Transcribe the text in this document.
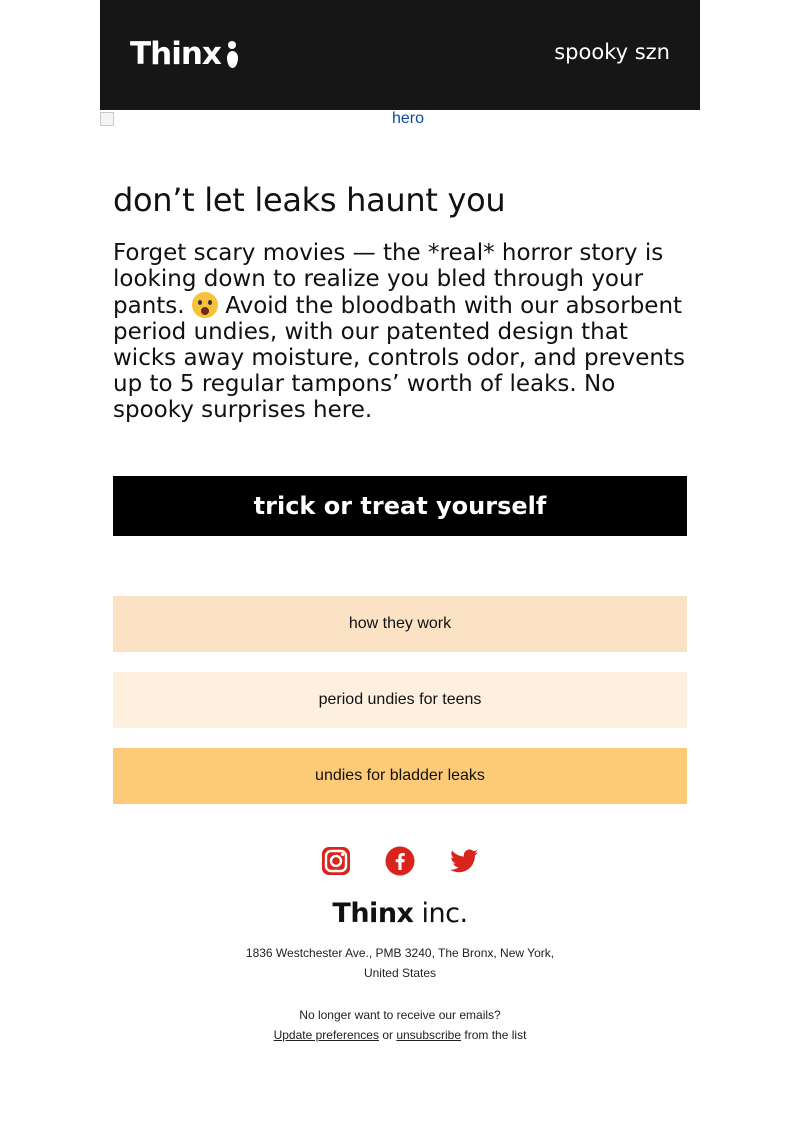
Thinx	spooky szn
hero
don’t let leaks haunt you

Forget scary movies — the *real* horror story is looking down to realize you bled through your pants. Avoid the bloodbath with our absorbent period undies, with our patented design that wicks away moisture, controls odor, and prevents up to 5 regular tampons’ worth of leaks. No spooky surprises here.

trick or treat yourself
how they work
period undies for teens
undies for bladder leaks
Thinx inc.
1836 Westchester Ave., PMB 3240, The Bronx, New York, United States
No longer want to receive our emails?
Update preferences or unsubscribe from the list
